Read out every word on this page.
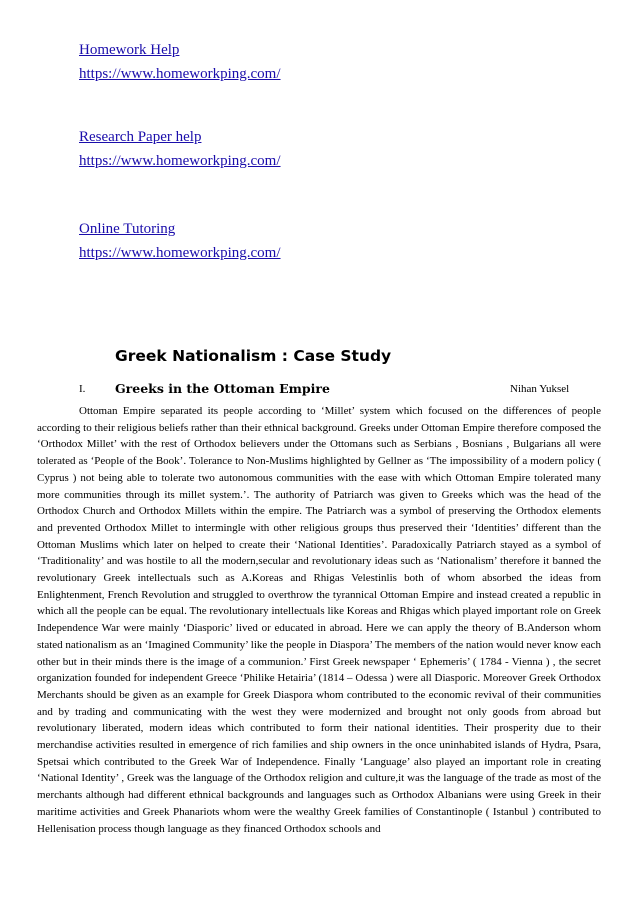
Homework Help
https://www.homeworkping.com/
Research Paper help
https://www.homeworkping.com/
Online Tutoring
https://www.homeworkping.com/
Greek Nationalism : Case Study
I. Greeks in the Ottoman Empire	Nihan Yuksel

Ottoman Empire separated its people according to ‘Millet’ system which focused on the differences of people according to their religious beliefs rather than their ethnical background. Greeks under Ottoman Empire therefore composed the ‘Orthodox Millet’ with the rest of Orthodox believers under the Ottomans such as Serbians , Bosnians , Bulgarians all were tolerated as ‘People of the Book’. Tolerance to Non-Muslims highlighted by Gellner as ‘The impossibility of a modern policy ( Cyprus ) not being able to tolerate two autonomous communities with the ease with which Ottoman Empire tolerated many more communities through its millet system.’. The authority of Patriarch was given to Greeks which was the head of the Orthodox Church and Orthodox Millets within the empire. The Patriarch was a symbol of preserving the Orthodox elements and prevented Orthodox Millet to intermingle with other religious groups thus preserved their ‘Identities’ different than the Ottoman Muslims which later on helped to create their ‘National Identities’. Paradoxically Patriarch stayed as a symbol of ‘Traditionality’ and was hostile to all the modern,secular and revolutionary ideas such as ‘Nationalism’ therefore it banned the revolutionary Greek intellectuals such as A.Koreas and Rhigas Velestinlis both of whom absorbed the ideas from Enlightenment, French Revolution and struggled to overthrow the tyrannical Ottoman Empire and instead created a republic in which all the people can be equal. The revolutionary intellectuals like Koreas and Rhigas which played important role on Greek Independence War were mainly ‘Diasporic’ lived or educated in abroad. Here we can apply the theory of B.Anderson whom stated nationalism as an ‘Imagined Community’ like the people in Diaspora’ The members of the nation would never know each other but in their minds there is the image of a communion.’ First Greek newspaper ‘ Ephemeris’ ( 1784 - Vienna ) , the secret organization founded for independent Greece ‘Philike Hetairia’ (1814 – Odessa ) were all Diasporic. Moreover Greek Orthodox Merchants should be given as an example for Greek Diaspora whom contributed to the economic revival of their communities and by trading and communicating with the west they were modernized and brought not only goods from abroad but revolutionary liberated, modern ideas which contributed to form their national identities. Their prosperity due to their merchandise activities resulted in emergence of rich families and ship owners in the once uninhabited islands of Hydra, Psara, Spetsai which contributed to the Greek War of Independence. Finally ‘Language’ also played an important role in creating ‘National Identity’ , Greek was the language of the Orthodox religion and culture,it was the language of the trade as most of the merchants although had different ethnical backgrounds and languages such as Orthodox Albanians were using Greek in their maritime activities and Greek Phanariots whom were the wealthy Greek families of Constantinople ( Istanbul ) contributed to Hellenisation process though language as they financed Orthodox schools and
